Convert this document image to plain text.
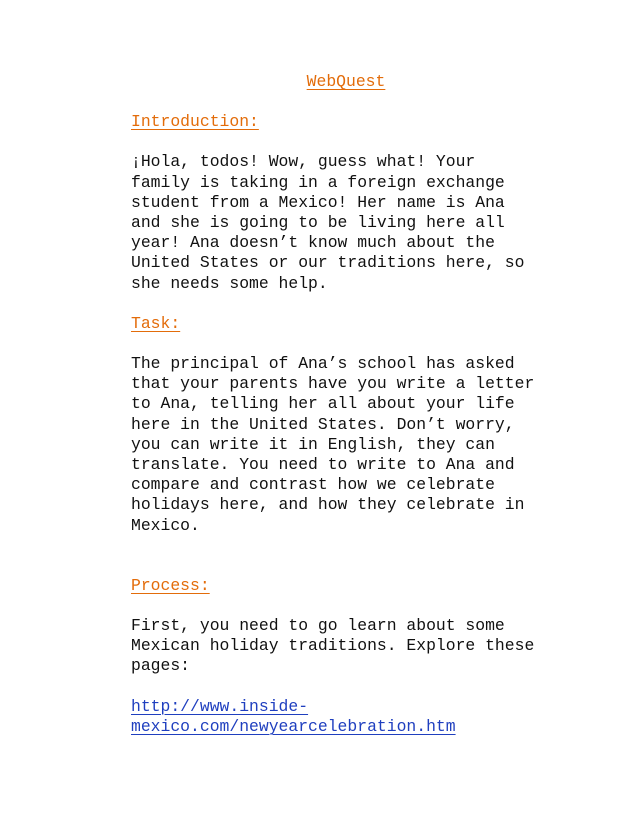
WebQuest

Introduction:

¡Hola, todos! Wow, guess what! Your
family is taking in a foreign exchange
student from a Mexico! Her name is Ana
and she is going to be living here all
year! Ana doesn’t know much about the
United States or our traditions here, so
she needs some help.

Task:

The principal of Ana’s school has asked
that your parents have you write a letter
to Ana, telling her all about your life
here in the United States. Don’t worry,
you can write it in English, they can
translate. You need to write to Ana and
compare and contrast how we celebrate
holidays here, and how they celebrate in
Mexico.

Process:

First, you need to go learn about some
Mexican holiday traditions. Explore these
pages:

http://www.inside-
mexico.com/newyearcelebration.htm
